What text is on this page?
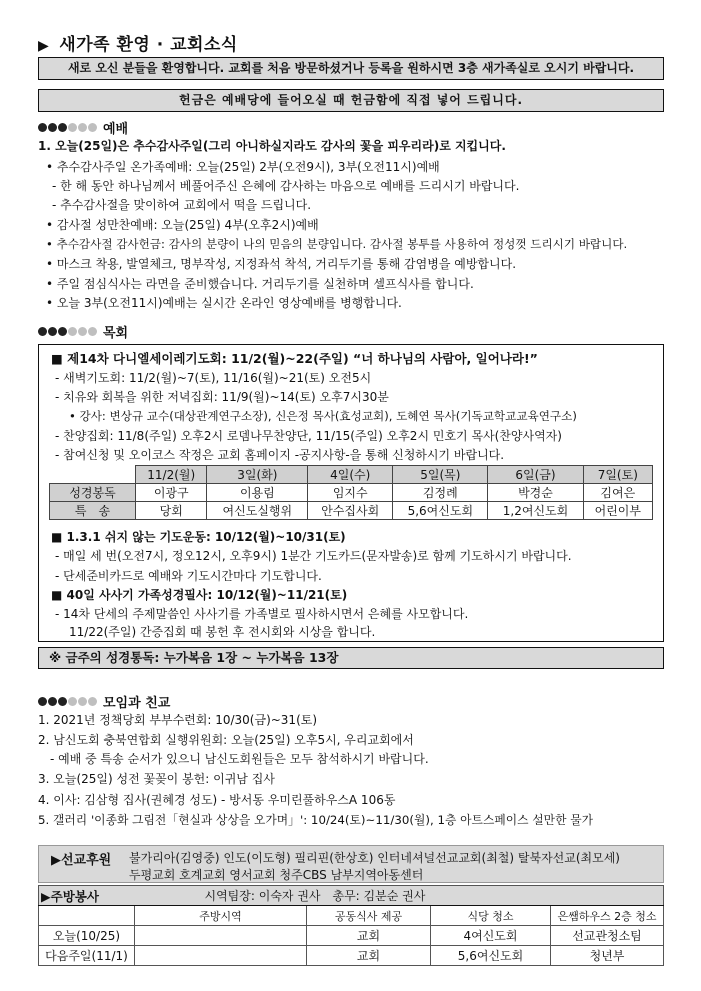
▶ 새가족 환영 · 교회소식
새로 오신 분들을 환영합니다. 교회를 처음 방문하셨거나 등록을 원하시면 3층 새가족실로 오시기 바랍니다.
헌금은 예배당에 들어오실 때 헌금함에 직접 넣어 드립니다.
예배
1. 오늘(25일)은 추수감사주일(그리 아니하실지라도 감사의 꽃을 피우리라)로 지킵니다.
• 추수감사주일 온가족예배: 오늘(25일) 2부(오전9시), 3부(오전11시)예배
- 한 해 동안 하나님께서 베풀어주신 은혜에 감사하는 마음으로 예배를 드리시기 바랍니다.
- 추수감사절을 맞이하여 교회에서 떡을 드립니다.
• 감사절 성만찬예배: 오늘(25일) 4부(오후2시)예배
• 추수감사절 감사헌금: 감사의 분량이 나의 믿음의 분량입니다. 감사절 봉투를 사용하여 정성껏 드리시기 바랍니다.
• 마스크 착용, 발열체크, 명부작성, 지정좌석 착석, 거리두기를 통해 감염병을 예방합니다.
• 주일 점심식사는 라면을 준비했습니다. 거리두기를 실천하며 셀프식사를 합니다.
• 오늘 3부(오전11시)예배는 실시간 온라인 영상예배를 병행합니다.
목회
■ 제14차 다니엘세이레기도회: 11/2(월)~22(주일) “너 하나님의 사람아, 일어나라!”
- 새벽기도회: 11/2(월)~7(토), 11/16(월)~21(토) 오전5시
- 치유와 회복을 위한 저녁집회: 11/9(월)~14(토) 오후7시30분
• 강사: 변상규 교수(대상관계연구소장), 신은정 목사(효성교회), 도혜연 목사(기독교학교교육연구소)
- 찬양집회: 11/8(주일) 오후2시 로뎀나무찬양단, 11/15(주일) 오후2시 민호기 목사(찬양사역자)
- 참여신청 및 오이코스 작정은 교회 홈페이지 -공지사항-을 통해 신청하시기 바랍니다.
	11/2(월)	3일(화)	4일(수)	5일(목)	6일(금)	7일(토)
성경봉독	이광구	이용림	임지수	김정례	박경순	김여은
특　송	당회	여신도실행위	안수집사회	5,6여신도회	1,2여신도회	어린이부
■ 1.3.1 쉬지 않는 기도운동: 10/12(월)~10/31(토)
- 매일 세 번(오전7시, 정오12시, 오후9시) 1분간 기도카드(문자발송)로 함께 기도하시기 바랍니다.
- 단세준비카드로 예배와 기도시간마다 기도합니다.
■ 40일 사사기 가족성경필사: 10/12(월)~11/21(토)
- 14차 단세의 주제말씀인 사사기를 가족별로 필사하시면서 은혜를 사모합니다.
11/22(주일) 간증집회 때 봉헌 후 전시회와 시상을 합니다.
※ 금주의 성경통독: 누가복음 1장 ~ 누가복음 13장
모임과 친교
1. 2021년 정책당회 부부수련회: 10/30(금)~31(토)
2. 남신도회 충북연합회 실행위원회: 오늘(25일) 오후5시, 우리교회에서
- 예배 중 특송 순서가 있으니 남신도회원들은 모두 참석하시기 바랍니다.
3. 오늘(25일) 성전 꽃꽂이 봉헌: 이귀남 집사
4. 이사: 김삼형 집사(권혜경 성도) - 방서동 우미린풀하우스A 106동
5. 갤러리 '이종화 그림전「현실과 상상을 오가며」': 10/24(토)~11/30(월), 1층 아트스페이스 설만한 물가
▶선교후원 불가리아(김영중) 인도(이도형) 필리핀(한상호) 인터네셔널선교교회(최철) 탈북자선교(최모세)
두평교회 호계교회 영서교회 청주CBS 남부지역아동센터
▶주방봉사	시역팀장: 이숙자 권사　총무: 김분순 권사			
	주방시역	공동식사 제공	식당 청소	은쌤하우스 2층 청소
오늘(10/25)		교회	4여신도회	선교관청소팀
다음주일(11/1)		교회	5,6여신도회	청년부
